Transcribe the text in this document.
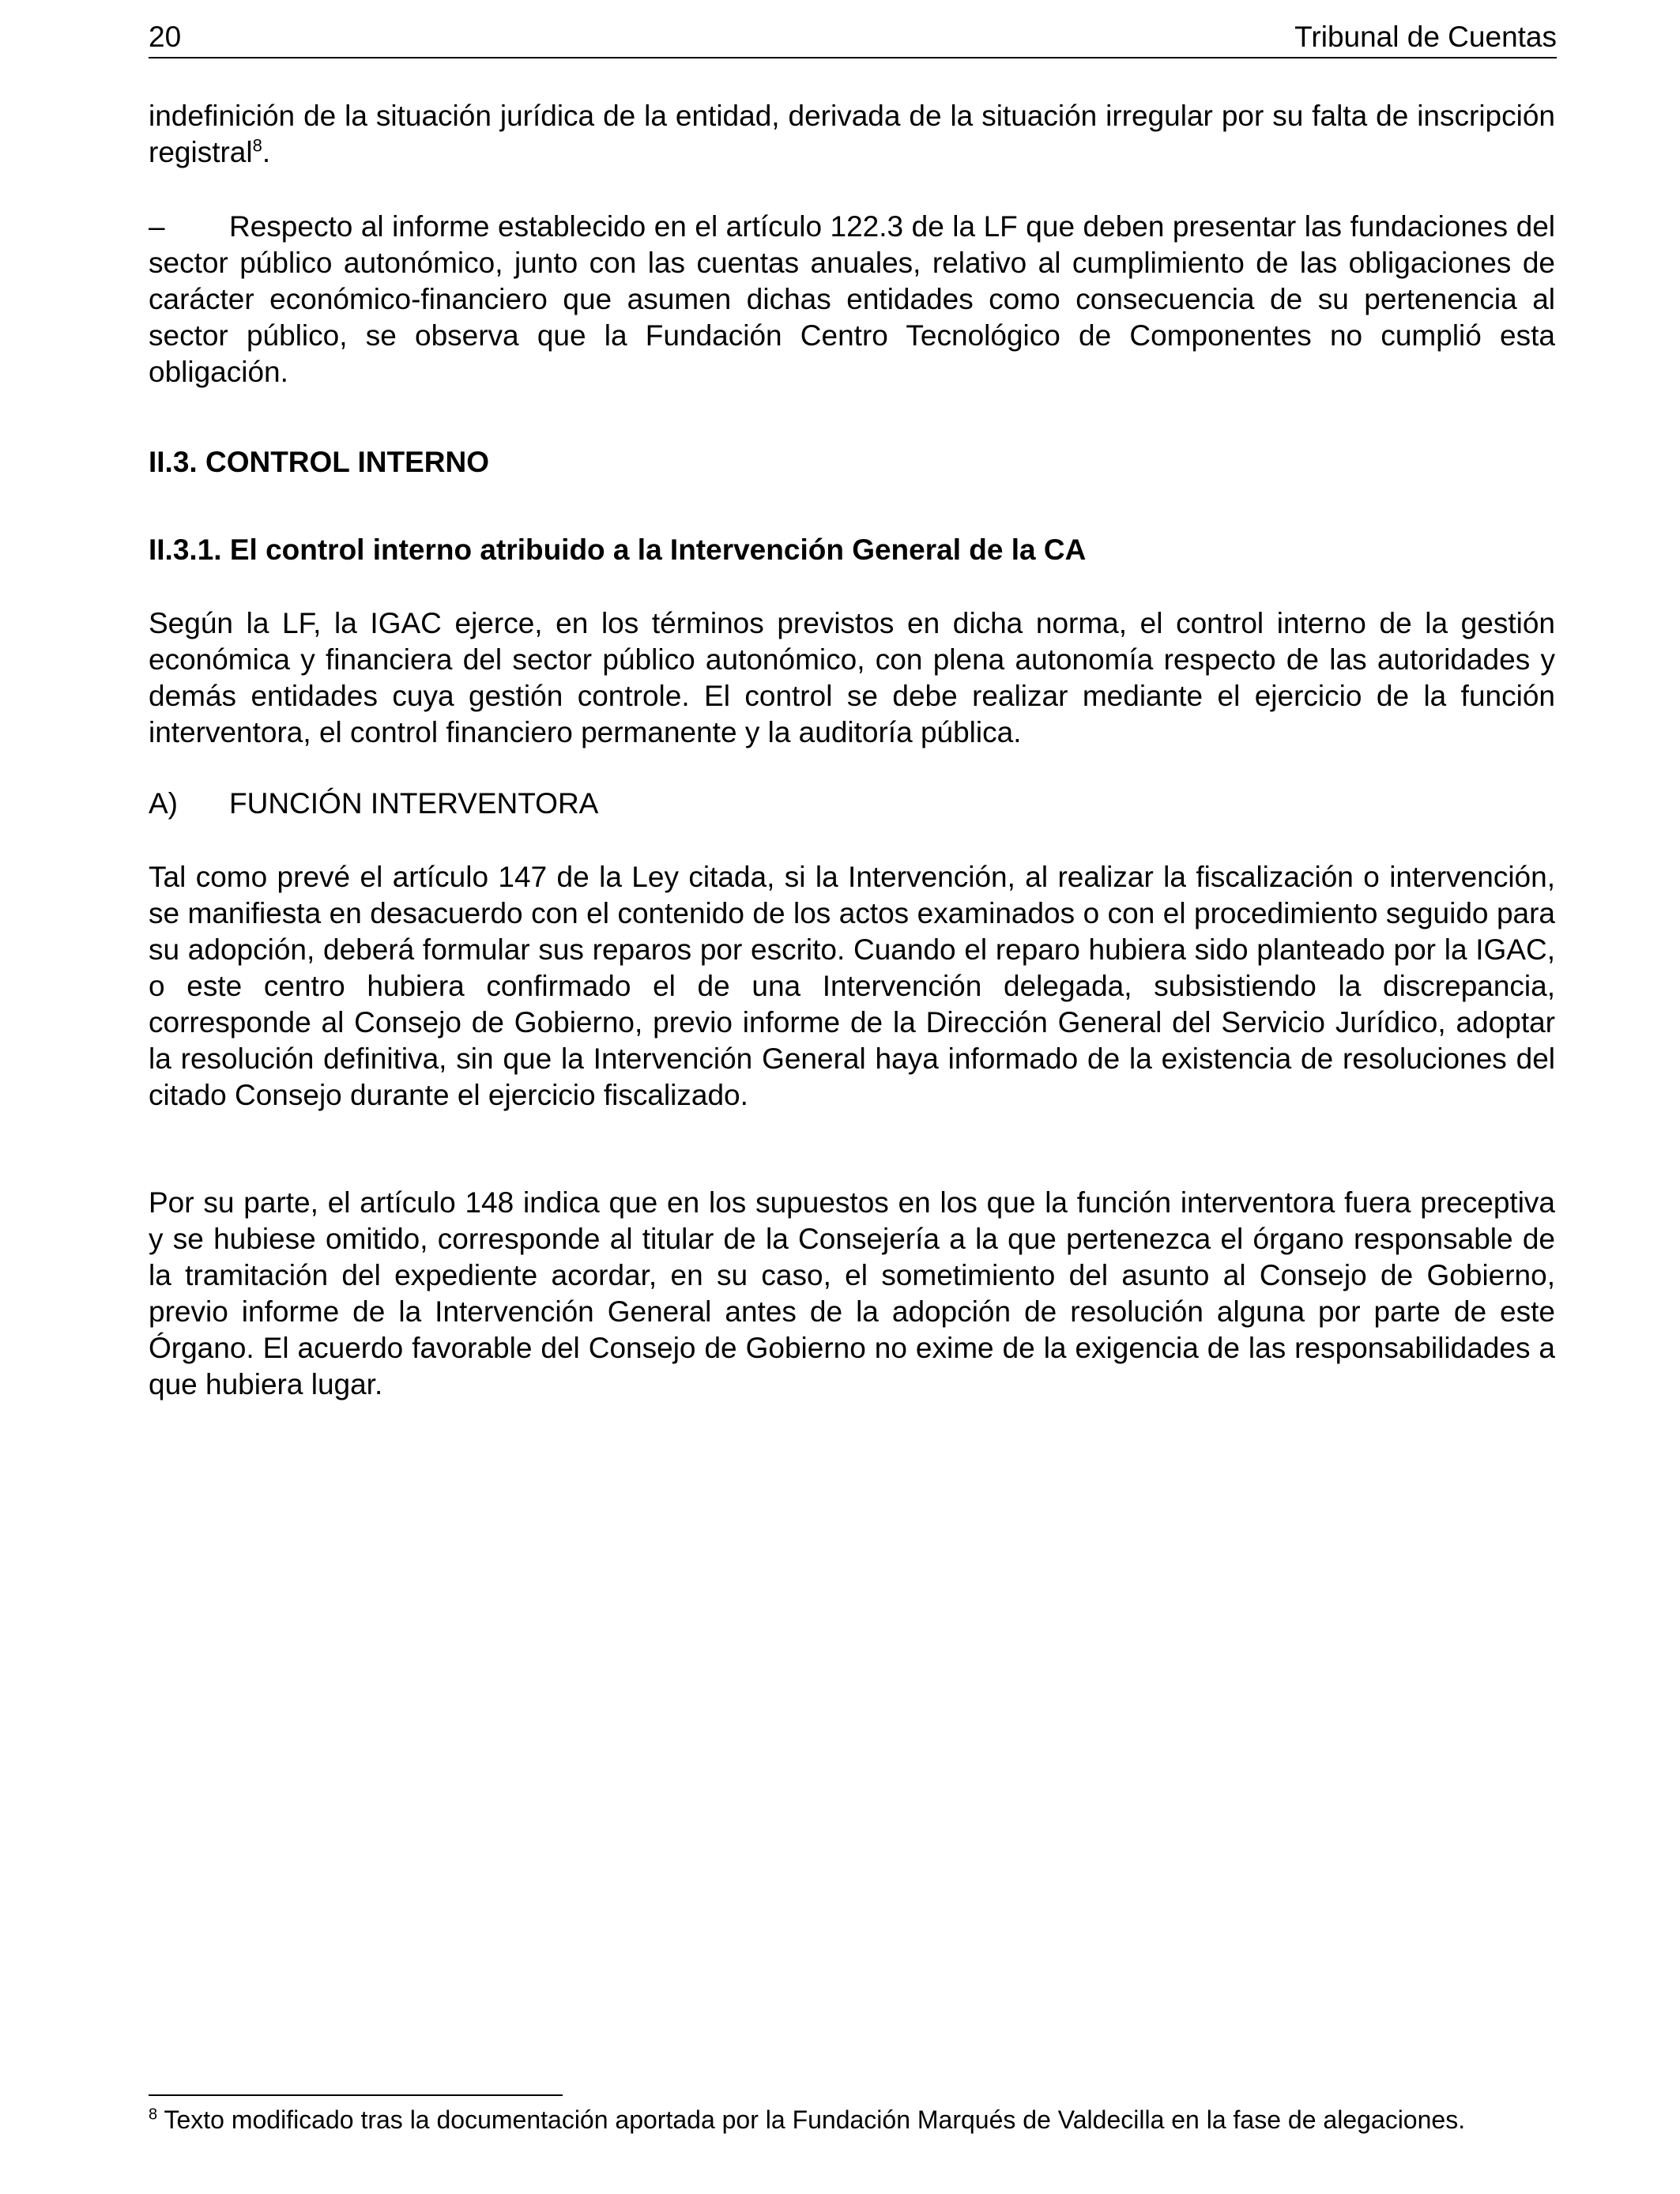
20	Tribunal de Cuentas

indefinición de la situación jurídica de la entidad, derivada de la situación irregular por su falta de inscripción registral$^8$.

– Respecto al informe establecido en el artículo 122.3 de la LF que deben presentar las fundaciones del sector público autonómico, junto con las cuentas anuales, relativo al cumplimiento de las obligaciones de carácter económico-financiero que asumen dichas entidades como consecuencia de su pertenencia al sector público, se observa que la Fundación Centro Tecnológico de Componentes no cumplió esta obligación.

II.3. CONTROL INTERNO

II.3.1. El control interno atribuido a la Intervención General de la CA

Según la LF, la IGAC ejerce, en los términos previstos en dicha norma, el control interno de la gestión económica y financiera del sector público autonómico, con plena autonomía respecto de las autoridades y demás entidades cuya gestión controle. El control se debe realizar mediante el ejercicio de la función interventora, el control financiero permanente y la auditoría pública.

A) FUNCIÓN INTERVENTORA

Tal como prevé el artículo 147 de la Ley citada, si la Intervención, al realizar la fiscalización o intervención, se manifiesta en desacuerdo con el contenido de los actos examinados o con el procedimiento seguido para su adopción, deberá formular sus reparos por escrito. Cuando el reparo hubiera sido planteado por la IGAC, o este centro hubiera confirmado el de una Intervención delegada, subsistiendo la discrepancia, corresponde al Consejo de Gobierno, previo informe de la Dirección General del Servicio Jurídico, adoptar la resolución definitiva, sin que la Intervención General haya informado de la existencia de resoluciones del citado Consejo durante el ejercicio fiscalizado.

Por su parte, el artículo 148 indica que en los supuestos en los que la función interventora fuera preceptiva y se hubiese omitido, corresponde al titular de la Consejería a la que pertenezca el órgano responsable de la tramitación del expediente acordar, en su caso, el sometimiento del asunto al Consejo de Gobierno, previo informe de la Intervención General antes de la adopción de resolución alguna por parte de este Órgano. El acuerdo favorable del Consejo de Gobierno no exime de la exigencia de las responsabilidades a que hubiera lugar.

$^8$ Texto modificado tras la documentación aportada por la Fundación Marqués de Valdecilla en la fase de alegaciones.
